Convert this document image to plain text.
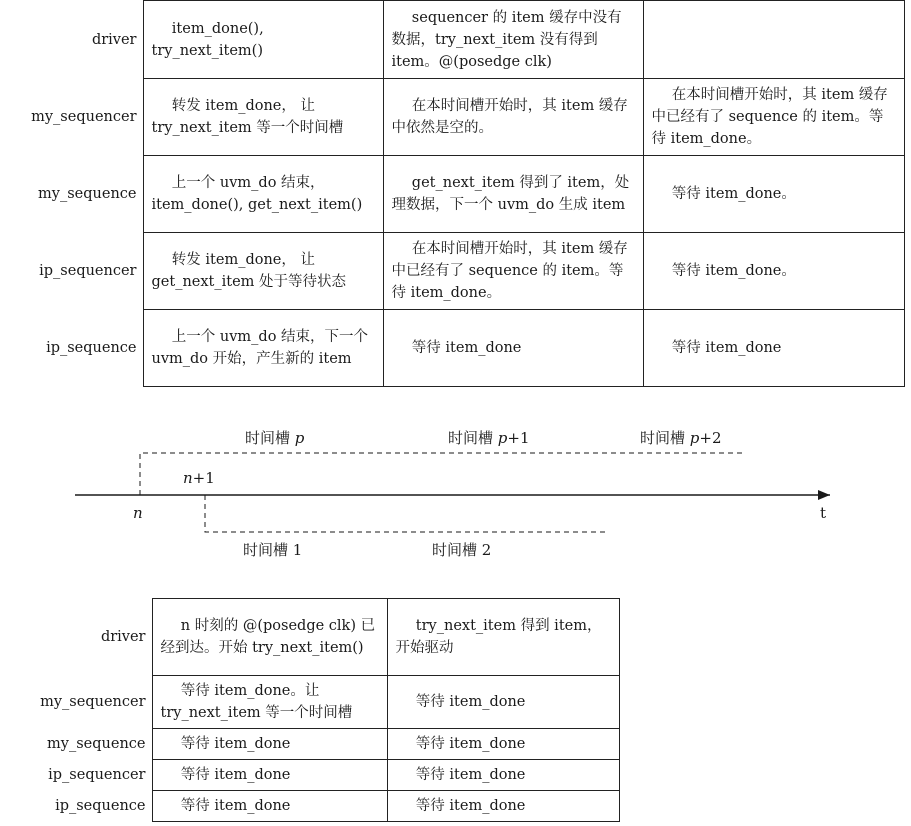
driver	item_done(), try_next_item()	sequencer 的 item 缓存中没有数据，try_next_item 没有得到 item。@(posedge clk)	
my_sequencer	转发 item_done， 让 try_next_item 等一个时间槽	在本时间槽开始时，其 item 缓存中依然是空的。	在本时间槽开始时，其 item 缓存中已经有了 sequence 的 item。等待 item_done。
my_sequence	上一个 uvm_do 结束，item_done(), get_next_item()	get_next_item 得到了 item，处理数据，下一个 uvm_do 生成 item	等待 item_done。
ip_sequencer	转发 item_done， 让 get_next_item 处于等待状态	在本时间槽开始时，其 item 缓存中已经有了 sequence 的 item。等待 item_done。	等待 item_done。
ip_sequence	上一个 uvm_do 结束，下一个 uvm_do 开始，产生新的 item	等待 item_done	等待 item_done
时间槽 p	时间槽 p+1	时间槽 p+2
n+1
n	t
时间槽 1	时间槽 2
driver	n 时刻的 @(posedge clk) 已经到达。开始 try_next_item()	try_next_item 得到 item，开始驱动
my_sequencer	等待 item_done。让 try_next_item 等一个时间槽	等待 item_done
my_sequence	等待 item_done	等待 item_done
ip_sequencer	等待 item_done	等待 item_done
ip_sequence	等待 item_done	等待 item_done
